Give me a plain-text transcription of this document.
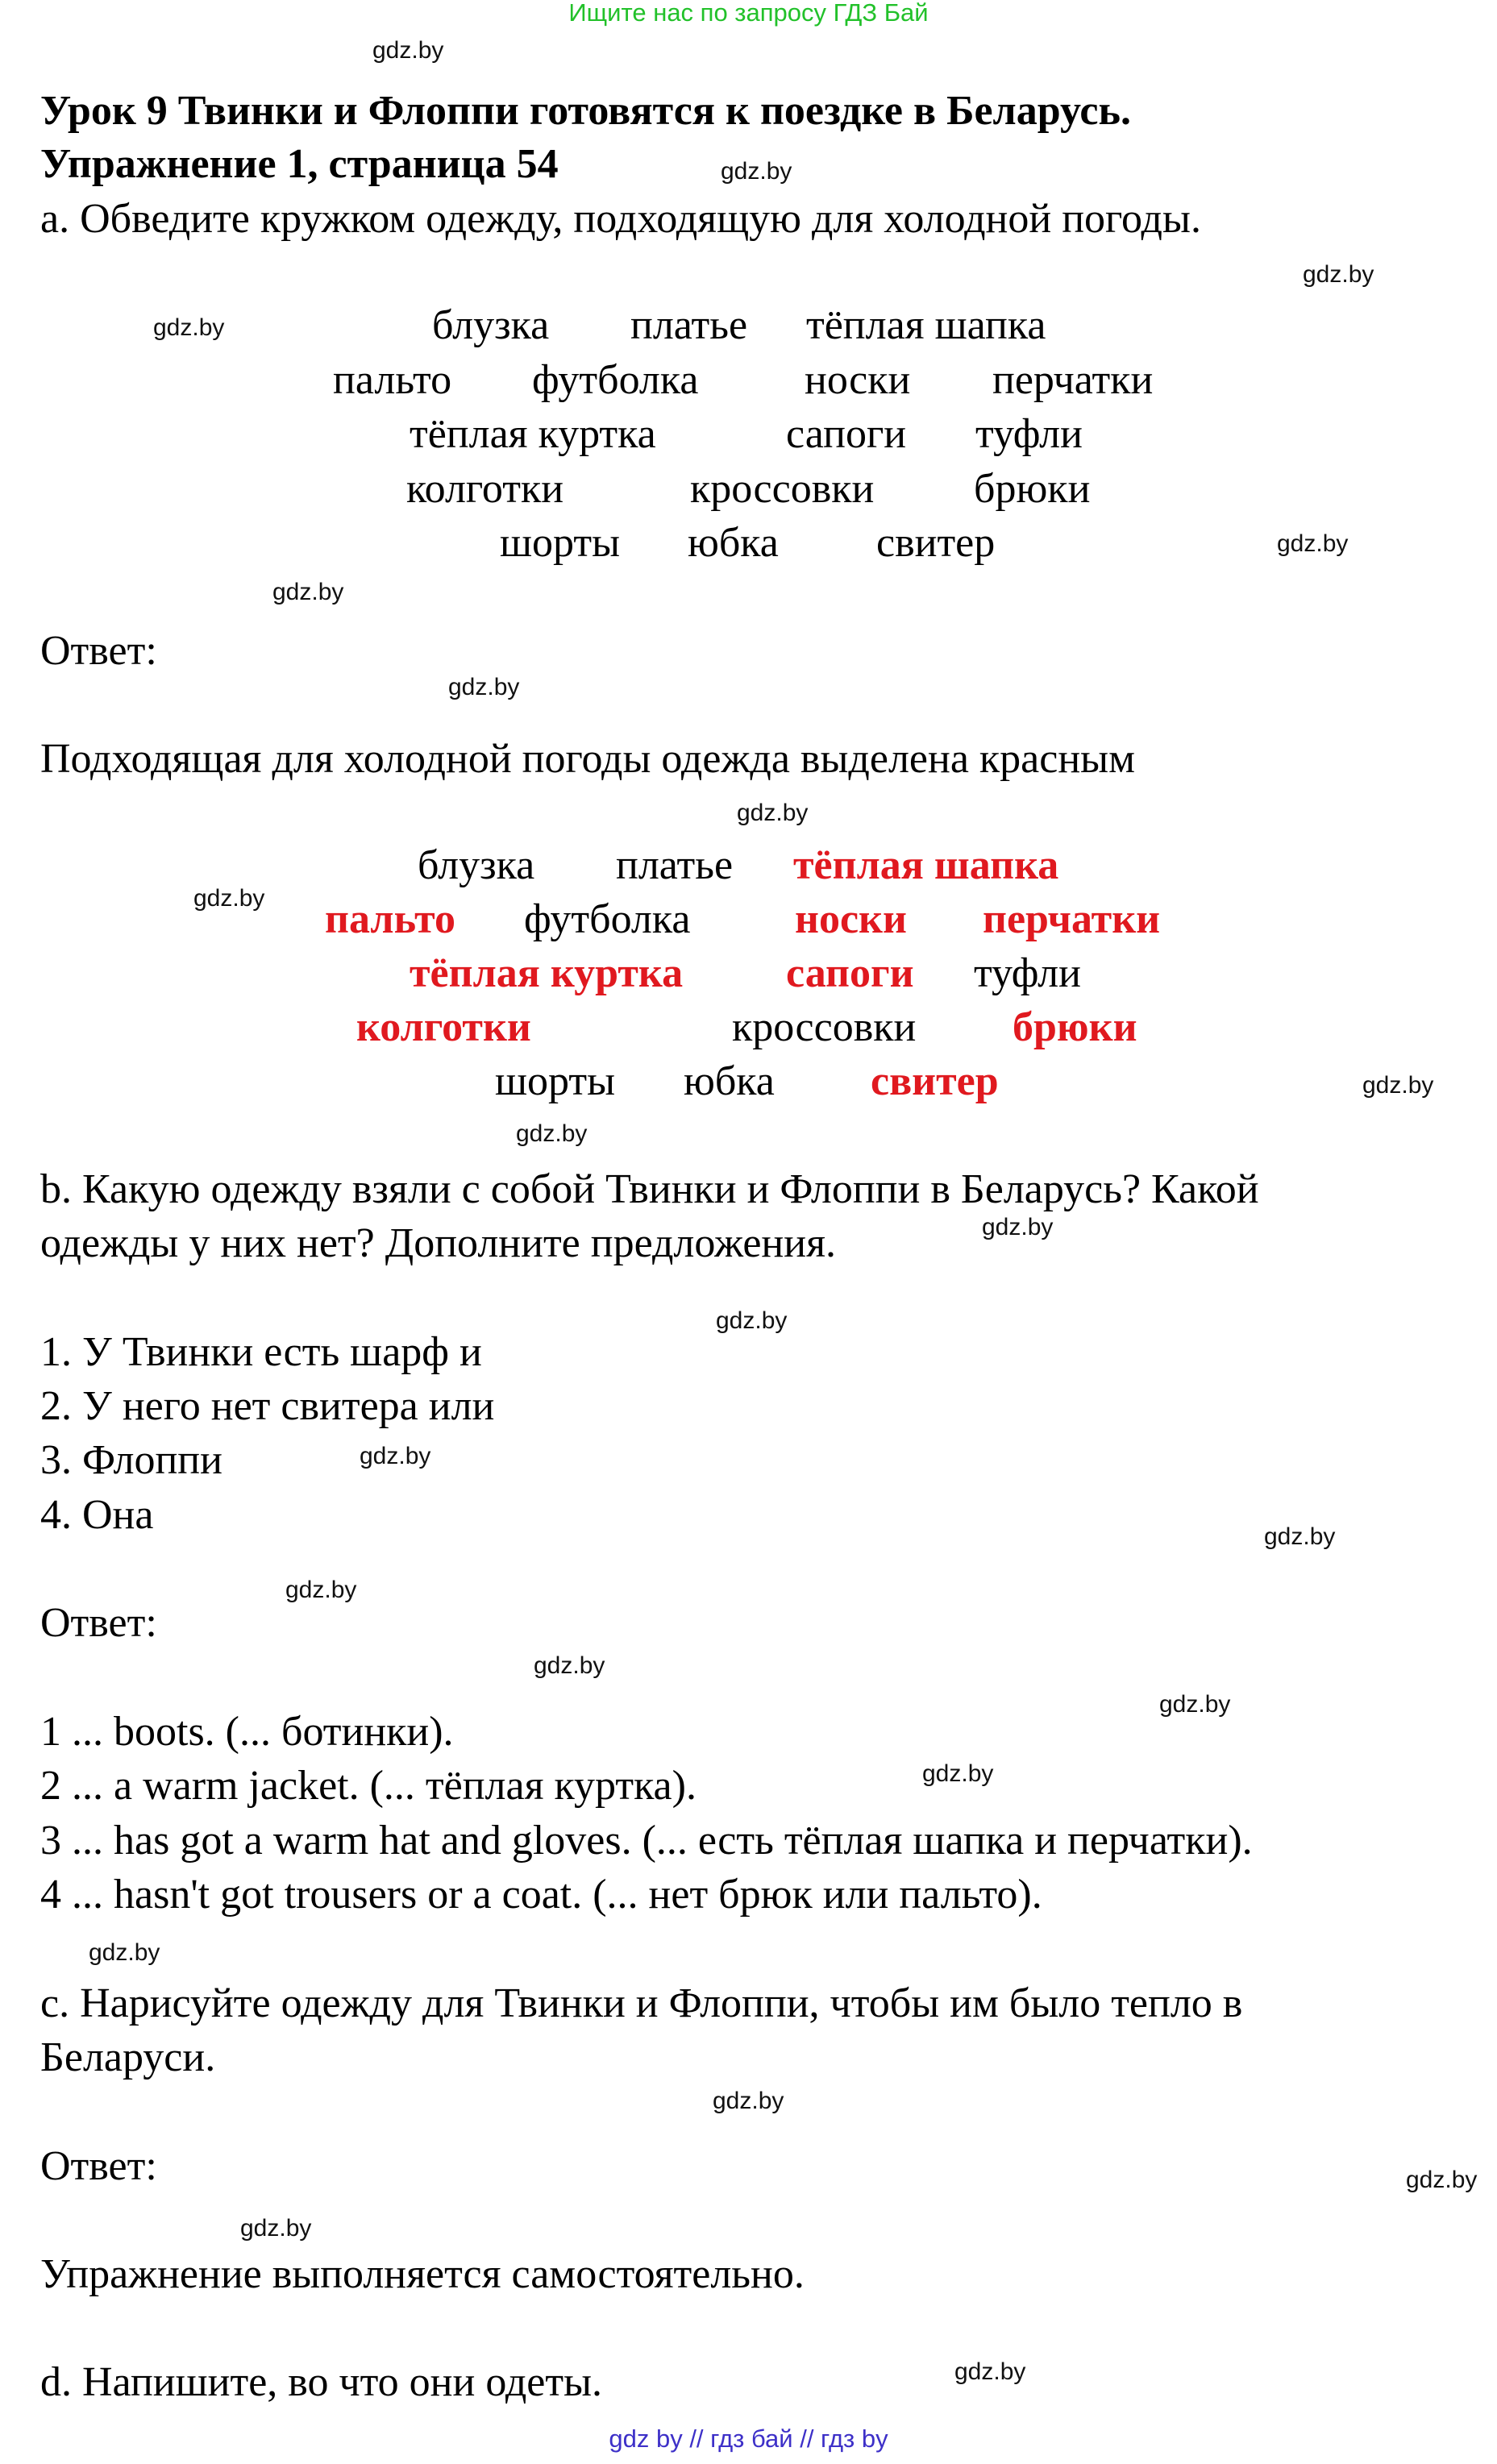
Ищите нас по запросу ГДЗ Бай
Урок 9 Твинки и Флоппи готовятся к поездке в Беларусь.
Упражнение 1, страница 54
a. Обведите кружком одежду, подходящую для холодной погоды.
блузка платье тёплая шапка
пальто футболка	носки перчатки
тёплая куртка	сапоги туфли
колготки	кроссовки брюки
шорты юбка свитер
Ответ:
Подходящая для холодной погоды одежда выделена красным
блузка платье тёплая шапка
пальто футболка носки перчатки
тёплая куртка сапоги туфли
колготки	кроссовки брюки
шорты юбка свитер
b. Какую одежду взяли с собой Твинки и Флоппи в Беларусь? Какой
одежды у них нет? Дополните предложения.
1. У Твинки есть шарф и
2. У него нет свитера или
3. Флоппи
4. Она
Ответ:
1 ... boots. (... ботинки).
2 ... a warm jacket. (... тёплая куртка).
3 ... has got a warm hat and gloves. (... есть тёплая шапка и перчатки).
4 ... hasn't got trousers or a coat. (... нет брюк или пальто).
c. Нарисуйте одежду для Твинки и Флоппи, чтобы им было тепло в
Беларуси.
Ответ:
Упражнение выполняется самостоятельно.
d. Напишите, во что они одеты.
gdz.by
gdz.by
gdz.by
gdz.by
gdz.by
gdz.by
gdz.by
gdz.by
gdz.by
gdz.by
gdz.by
gdz.by
gdz.by
gdz.by
gdz.by
gdz.by
gdz.by
gdz.by
gdz.by
gdz.by
gdz.by
gdz.by
gdz.by
gdz.by
gdz by // гдз бай // гдз by
